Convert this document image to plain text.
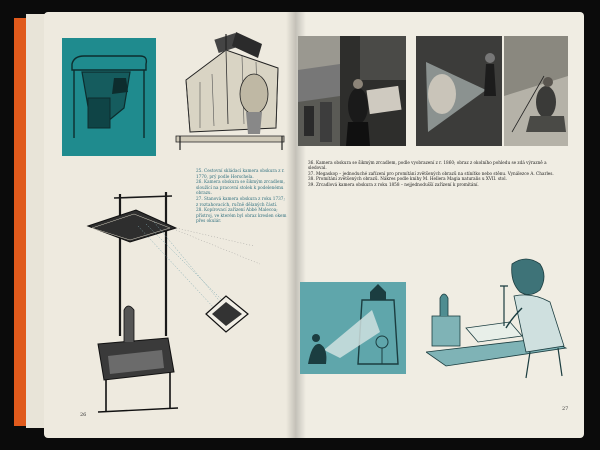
25. Cestovní skládací kamera obskura z r. 1770, prý podle Herschela.

26. Kamera obskura se šikmým zrcadlem, sloužící na pracovní stolek k podelenému obrazu.

27. Stanová kamera obskura z roku 1737; z roztahovacích, ručně dělaných částí.

28. Kopírovací zařízení Abbé Malecoa; přístroj, ve kterém byl obraz kreslen okem přes okulár.

26

36. Kamera obskura se šikmým zrcadlem, podle vyobrazení z r. 1860; obraz z okolního pohledu se zdá výrazně a sledoval.

37. Megaskop – jednoduché zařízení pro promítání zvětšených obrazů na stínítko nebo stěnu. Vynálezce A. Charles.

38. Promítání zvětšených obrazů. Nákres podle knihy M. Hellera Magia naturalis u XVII. stol.

39. Zrcadlová kamera obskura z roku 1858 – nejjednodušší zařízení k promítání.

27
